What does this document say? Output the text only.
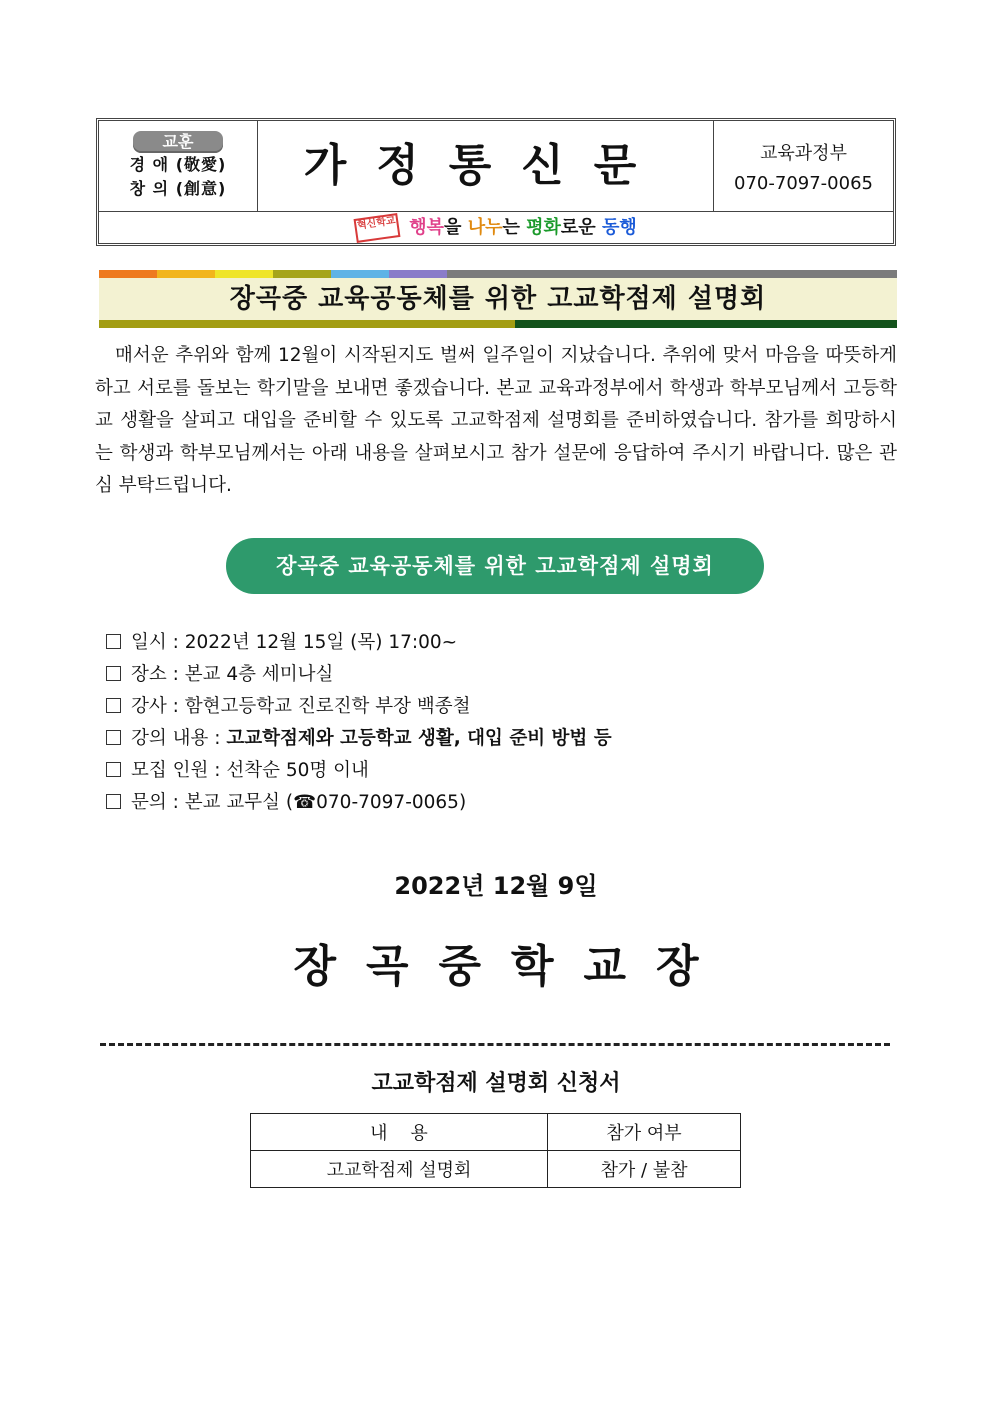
교훈
경 애 (敬愛)
창 의 (創意)	가정통신문	교육과정부
070-7097-0065
혁신학교 행복을 나누는 평화로운 동행
장곡중 교육공동체를 위한 고교학점제 설명회
매서운 추위와 함께 12월이 시작된지도 벌써 일주일이 지났습니다. 추위에 맞서 마음을 따뜻하게 하고 서로를 돌보는 학기말을 보내면 좋겠습니다. 본교 교육과정부에서 학생과 학부모님께서 고등학교 생활을 살피고 대입을 준비할 수 있도록 고교학점제 설명회를 준비하였습니다. 참가를 희망하시는 학생과 학부모님께서는 아래 내용을 살펴보시고 참가 설문에 응답하여 주시기 바랍니다. 많은 관심 부탁드립니다.
장곡중 교육공동체를 위한 고교학점제 설명회
일시 : 2022년 12월 15일 (목) 17:00~
장소 : 본교 4층 세미나실
강사 : 함현고등학교 진로진학 부장 백종철
강의 내용 : 고교학점제와 고등학교 생활, 대입 준비 방법 등
모집 인원 : 선착순 50명 이내
문의 : 본교 교무실 (☎070-7097-0065)
2022년 12월 9일
장곡중학교장
고교학점제 설명회 신청서
내    용	참가 여부
고교학점제 설명회	참가 / 불참
